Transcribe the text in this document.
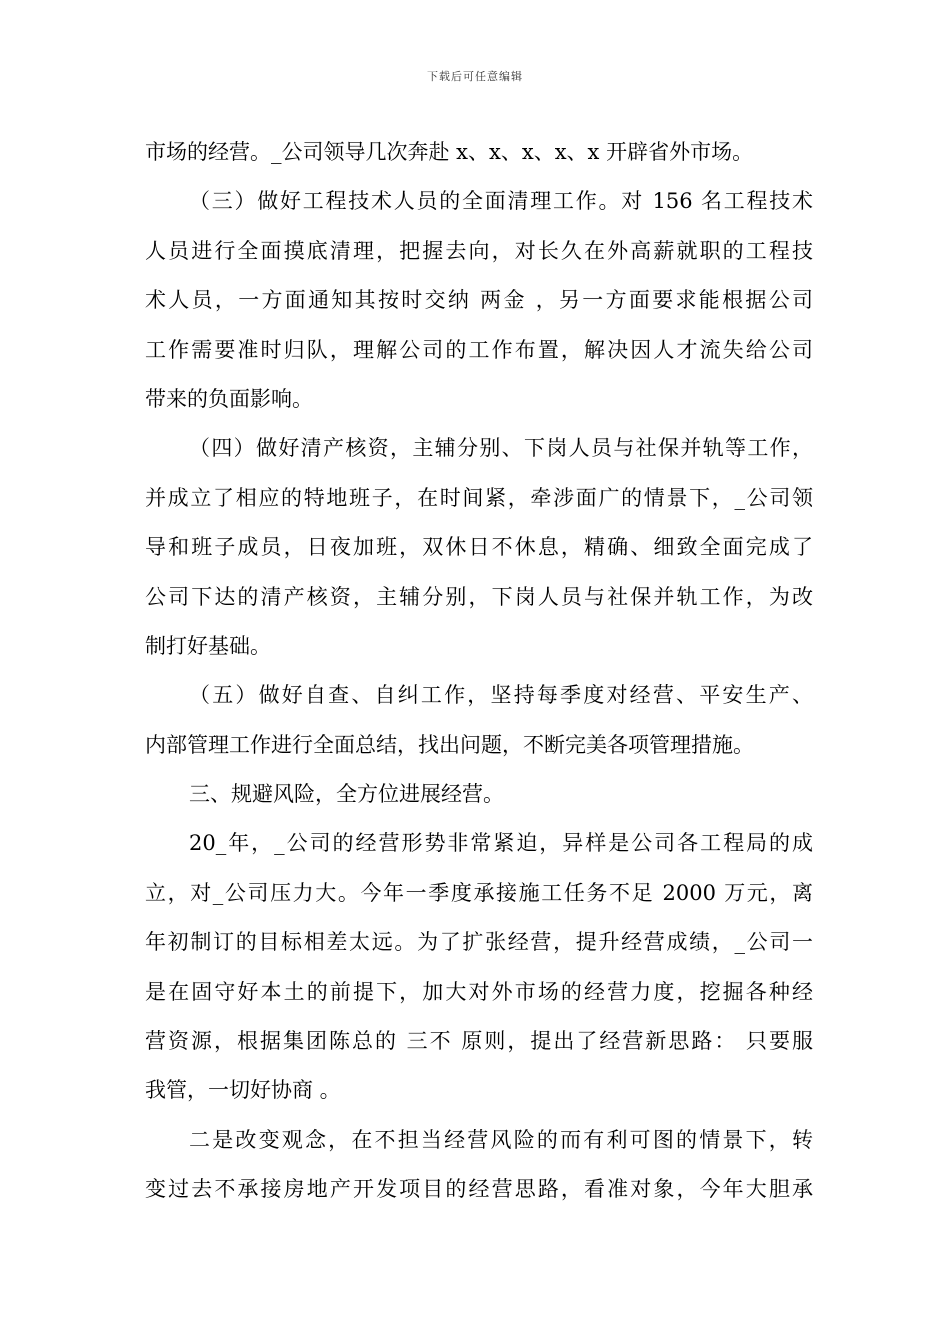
下载后可任意编辑
市场的经营。_公司领导几次奔赴 x、x、x、x、x 开辟省外市场。
（三）做好工程技术人员的全面清理工作。对 156 名工程技术
人员进行全面摸底清理，把握去向，对长久在外高薪就职的工程技
术人员，一方面通知其按时交纳 两金 ，另一方面要求能根据公司
工作需要准时归队，理解公司的工作布置，解决因人才流失给公司
带来的负面影响。
（四）做好清产核资，主辅分别、下岗人员与社保并轨等工作，
并成立了相应的特地班子，在时间紧，牵涉面广的情景下，_公司领
导和班子成员，日夜加班，双休日不休息，精确、细致全面完成了
公司下达的清产核资，主辅分别，下岗人员与社保并轨工作，为改
制打好基础。
（五）做好自查、自纠工作，坚持每季度对经营、平安生产、
内部管理工作进行全面总结，找出问题，不断完美各项管理措施。
三、规避风险，全方位进展经营。
20_年，_公司的经营形势非常紧迫，异样是公司各工程局的成
立，对_公司压力大。今年一季度承接施工任务不足 2000 万元，离
年初制订的目标相差太远。为了扩张经营，提升经营成绩，_公司一
是在固守好本土的前提下，加大对外市场的经营力度，挖掘各种经
营资源，根据集团陈总的 三不 原则，提出了经营新思路： 只要服
我管，一切好协商 。
二是改变观念，在不担当经营风险的而有利可图的情景下，转
变过去不承接房地产开发项目的经营思路，看准对象，今年大胆承
